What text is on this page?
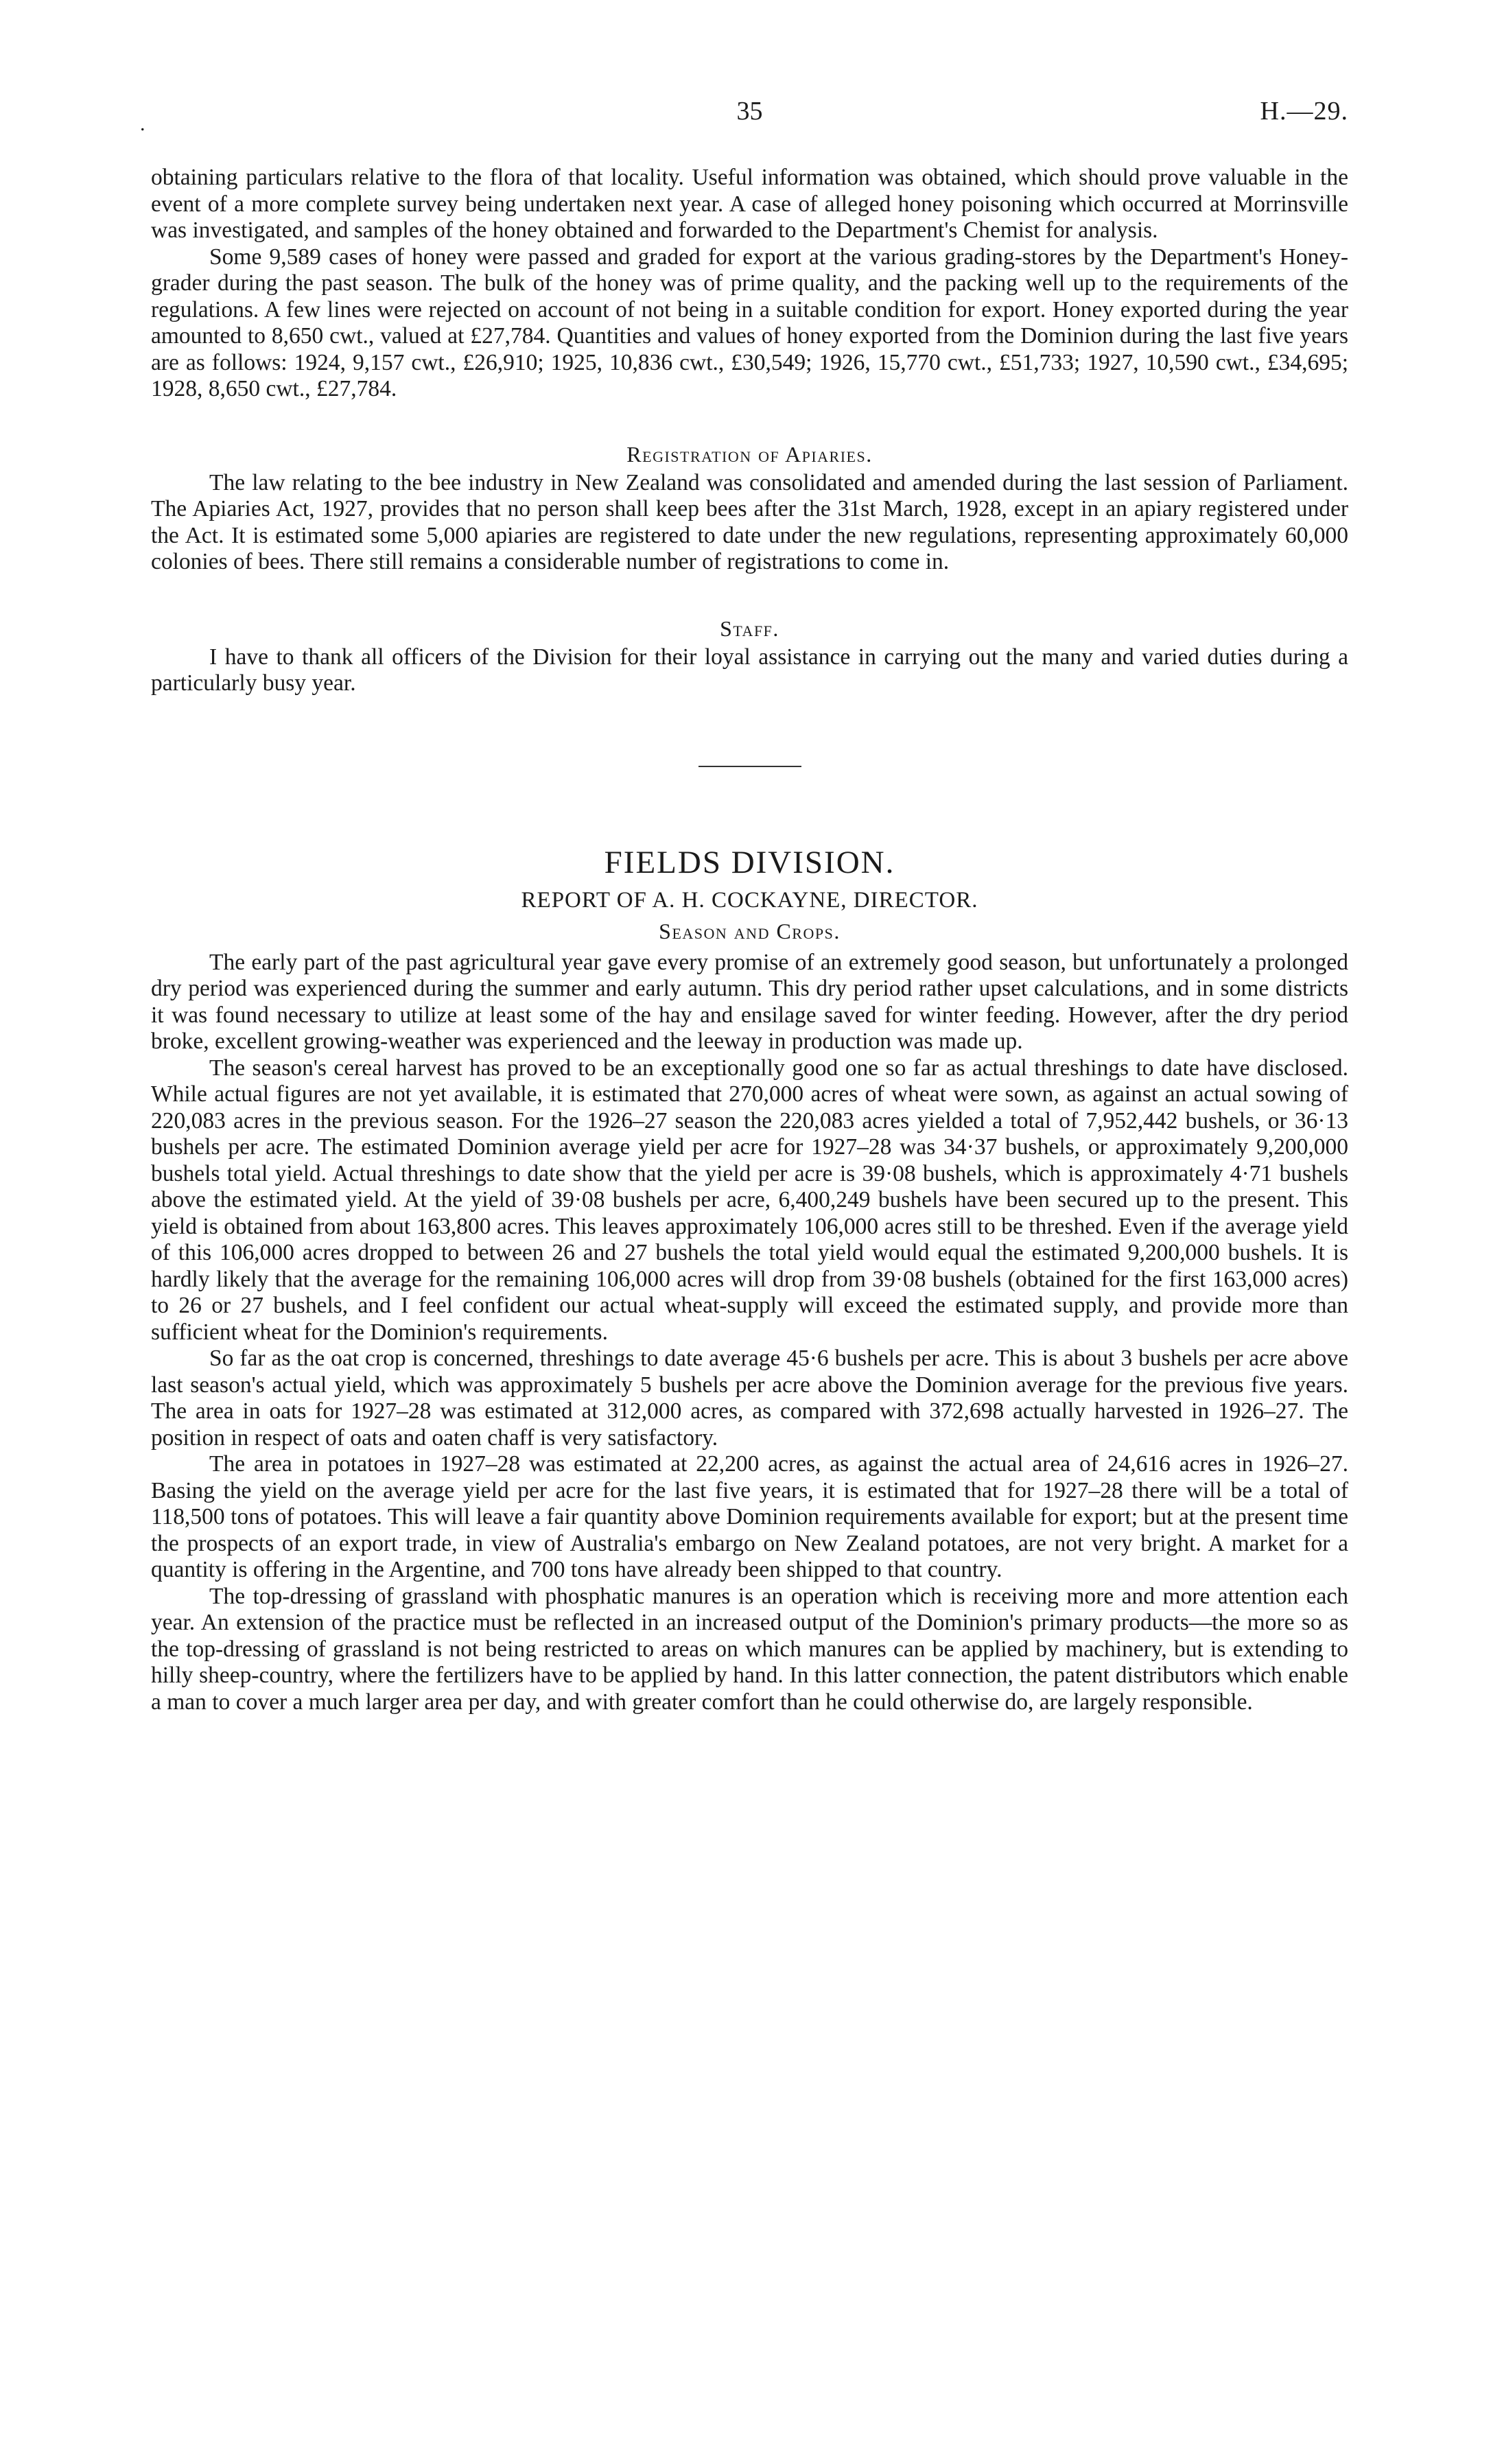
.	35	H.—29.

obtaining particulars relative to the flora of that locality. Useful information was obtained, which should prove valuable in the event of a more complete survey being undertaken next year. A case of alleged honey poisoning which occurred at Morrinsville was investigated, and samples of the honey obtained and forwarded to the Department's Chemist for analysis.

Some 9,589 cases of honey were passed and graded for export at the various grading-stores by the Department's Honey-grader during the past season. The bulk of the honey was of prime quality, and the packing well up to the requirements of the regulations. A few lines were rejected on account of not being in a suitable condition for export. Honey exported during the year amounted to 8,650 cwt., valued at £27,784. Quantities and values of honey exported from the Dominion during the last five years are as follows: 1924, 9,157 cwt., £26,910; 1925, 10,836 cwt., £30,549; 1926, 15,770 cwt., £51,733; 1927, 10,590 cwt., £34,695; 1928, 8,650 cwt., £27,784.

Registration of Apiaries.

The law relating to the bee industry in New Zealand was consolidated and amended during the last session of Parliament. The Apiaries Act, 1927, provides that no person shall keep bees after the 31st March, 1928, except in an apiary registered under the Act. It is estimated some 5,000 apiaries are registered to date under the new regulations, representing approximately 60,000 colonies of bees. There still remains a considerable number of registrations to come in.

Staff.

I have to thank all officers of the Division for their loyal assistance in carrying out the many and varied duties during a particularly busy year.

FIELDS DIVISION.
REPORT OF A. H. COCKAYNE, DIRECTOR.
Season and Crops.

The early part of the past agricultural year gave every promise of an extremely good season, but unfortunately a prolonged dry period was experienced during the summer and early autumn. This dry period rather upset calculations, and in some districts it was found necessary to utilize at least some of the hay and ensilage saved for winter feeding. However, after the dry period broke, excellent growing-weather was experienced and the leeway in production was made up.

The season's cereal harvest has proved to be an exceptionally good one so far as actual threshings to date have disclosed. While actual figures are not yet available, it is estimated that 270,000 acres of wheat were sown, as against an actual sowing of 220,083 acres in the previous season. For the 1926–27 season the 220,083 acres yielded a total of 7,952,442 bushels, or 36·13 bushels per acre. The estimated Dominion average yield per acre for 1927–28 was 34·37 bushels, or approximately 9,200,000 bushels total yield. Actual threshings to date show that the yield per acre is 39·08 bushels, which is approximately 4·71 bushels above the estimated yield. At the yield of 39·08 bushels per acre, 6,400,249 bushels have been secured up to the present. This yield is obtained from about 163,800 acres. This leaves approximately 106,000 acres still to be threshed. Even if the average yield of this 106,000 acres dropped to between 26 and 27 bushels the total yield would equal the estimated 9,200,000 bushels. It is hardly likely that the average for the remaining 106,000 acres will drop from 39·08 bushels (obtained for the first 163,000 acres) to 26 or 27 bushels, and I feel confident our actual wheat-supply will exceed the estimated supply, and provide more than sufficient wheat for the Dominion's requirements.

So far as the oat crop is concerned, threshings to date average 45·6 bushels per acre. This is about 3 bushels per acre above last season's actual yield, which was approximately 5 bushels per acre above the Dominion average for the previous five years. The area in oats for 1927–28 was estimated at 312,000 acres, as compared with 372,698 actually harvested in 1926–27. The position in respect of oats and oaten chaff is very satisfactory.

The area in potatoes in 1927–28 was estimated at 22,200 acres, as against the actual area of 24,616 acres in 1926–27. Basing the yield on the average yield per acre for the last five years, it is estimated that for 1927–28 there will be a total of 118,500 tons of potatoes. This will leave a fair quantity above Dominion requirements available for export; but at the present time the prospects of an export trade, in view of Australia's embargo on New Zealand potatoes, are not very bright. A market for a quantity is offering in the Argentine, and 700 tons have already been shipped to that country.

The top-dressing of grassland with phosphatic manures is an operation which is receiving more and more attention each year. An extension of the practice must be reflected in an increased output of the Dominion's primary products—the more so as the top-dressing of grassland is not being restricted to areas on which manures can be applied by machinery, but is extending to hilly sheep-country, where the fertilizers have to be applied by hand. In this latter connection, the patent distributors which enable a man to cover a much larger area per day, and with greater comfort than he could otherwise do, are largely responsible.
